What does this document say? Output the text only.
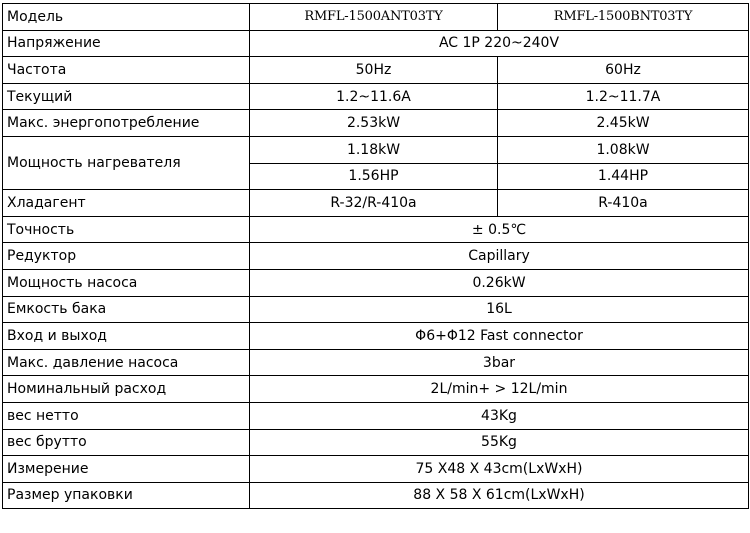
Модель	RMFL-1500ANT03TY	RMFL-1500BNT03TY
Напряжение	AC 1P 220~240V	
Частота	50Hz	60Hz
Текущий	1.2~11.6A	1.2~11.7A
Макс. энергопотребление	2.53kW	2.45kW
Мощность нагревателя	1.18kW	1.08kW
	1.56HP	1.44HP
Хладагент	R-32/R-410a	R-410a
Точность	± 0.5℃	
Редуктор	Capillary	
Мощность насоса	0.26kW	
Емкость бака	16L	
Вход и выход	Φ6+Φ12 Fast connector	
Макс. давление насоса	3bar	
Номинальный расход	2L/min+ > 12L/min	
вес нетто	43Kg	
вес брутто	55Kg	
Измерение	75 X48 X 43cm(LxWxH)	
Размер упаковки	88 X 58 X 61cm(LxWxH)	
